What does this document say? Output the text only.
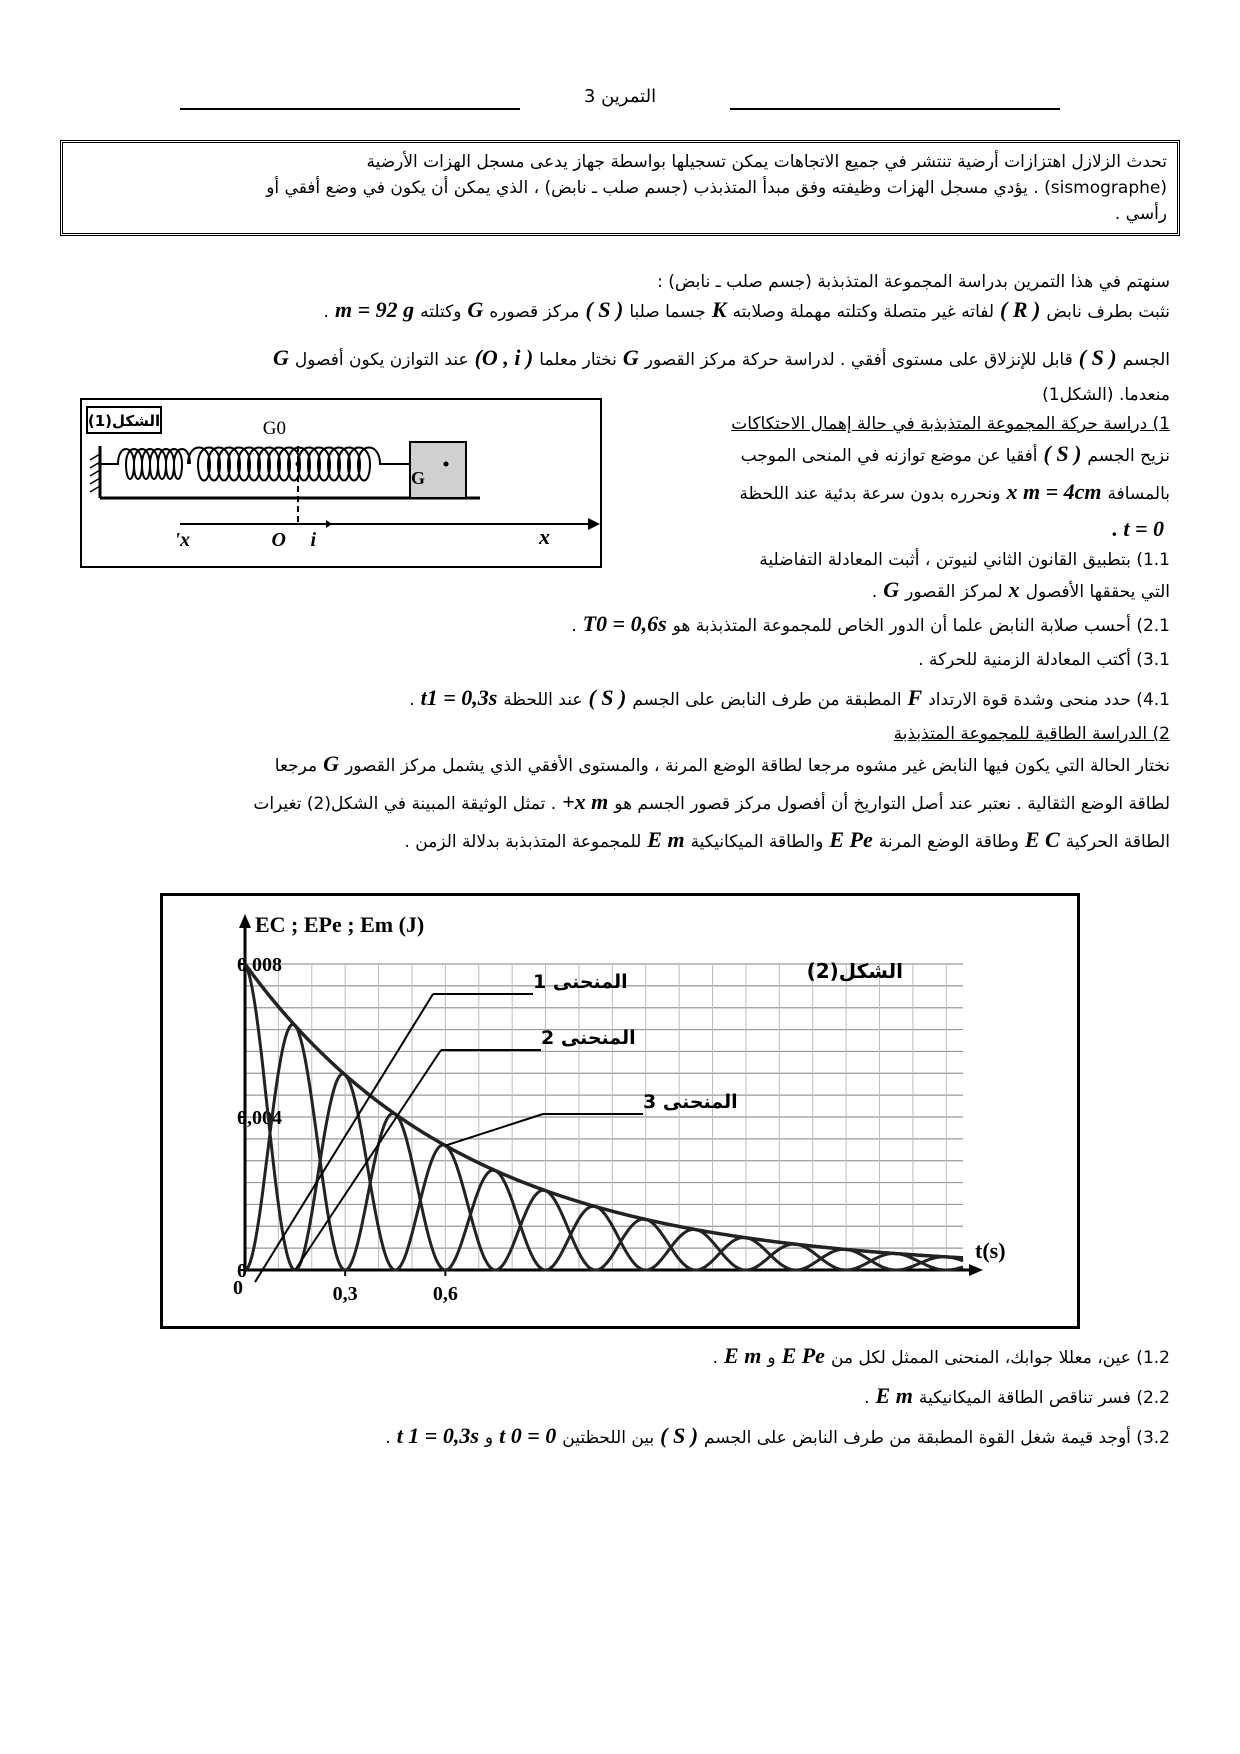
التمرين 3
تحدث الزلازل اهتزازات أرضية تنتشر في جميع الاتجاهات يمكن تسجيلها بواسطة جهاز يدعى مسجل الهزات الأرضية
(sismographe) . يؤدي مسجل الهزات وظيفته وفق مبدأ المتذبذب (جسم صلب ـ نابض) ، الذي يمكن أن يكون في وضع أفقي أو
رأسي .
سنهتم في هذا التمرين بدراسة المجموعة المتذبذبة (جسم صلب ـ نابض) :
نثبت بطرف نابض( R )لفاته غير متصلة وكتلته مهملة وصلابتهKجسما صلبا( S )مركز قصورهGوكتلتهm = 92 g.
الجسم( S )قابل للإنزلاق على مستوى أفقي . لدراسة حركة مركز القصورGنختار معلما(O , i )عند التوازن يكون أفصولG
منعدما. (الشكل1)
الشكل(1)
G
G0
x'	O i	x
1) دراسة حركة المجموعة المتذبذبة في حالة إهمال الاحتكاكات
نزيح الجسم( S )أفقيا عن موضع توازنه في المنحى الموجب
بالمسافةx m = 4cmونحرره بدون سرعة بدئية عند اللحظة
. t = 0
1.1) بتطبيق القانون الثاني لنيوتن ، أثبت المعادلة التفاضلية
التي يحققها الأفصولxلمركز القصورG.
2.1) أحسب صلابة النابض علما أن الدور الخاص للمجموعة المتذبذبة هوT0 = 0,6s.
3.1) أكتب المعادلة الزمنية للحركة .
4.1) حدد منحى وشدة قوة الارتدادFالمطبقة من طرف النابض على الجسم( S )عند اللحظةt1 = 0,3s.
2) الدراسة الطاقية للمجموعة المتذبذبة
نختار الحالة التي يكون فيها النابض غير مشوه مرجعا لطاقة الوضع المرنة ، والمستوى الأفقي الذي يشمل مركز القصورGمرجعا
لطاقة الوضع الثقالية . نعتبر عند أصل التواريخ أن أفصول مركز قصور الجسم هو+x m. تمثل الوثيقة المبينة في الشكل(2) تغيرات
الطاقة الحركيةE Cوطاقة الوضع المرنةE Peوالطاقة الميكانيكيةE mللمجموعة المتذبذبة بدلالة الزمن .
0,008
0,004
0
0,3	0,6
0
EC ; EPe ; Em (J)
t(s)
الشكل(2)
المنحنى 1
المنحنى 2
المنحنى 3
1.2) عين، معللا جوابك، المنحنى الممثل لكل منE PeوE m.
2.2) فسر تناقص الطاقة الميكانيكيةE m.
3.2) أوجد قيمة شغل القوة المطبقة من طرف النابض على الجسم( S )بين اللحظتينt 0 = 0وt 1 = 0,3s.
